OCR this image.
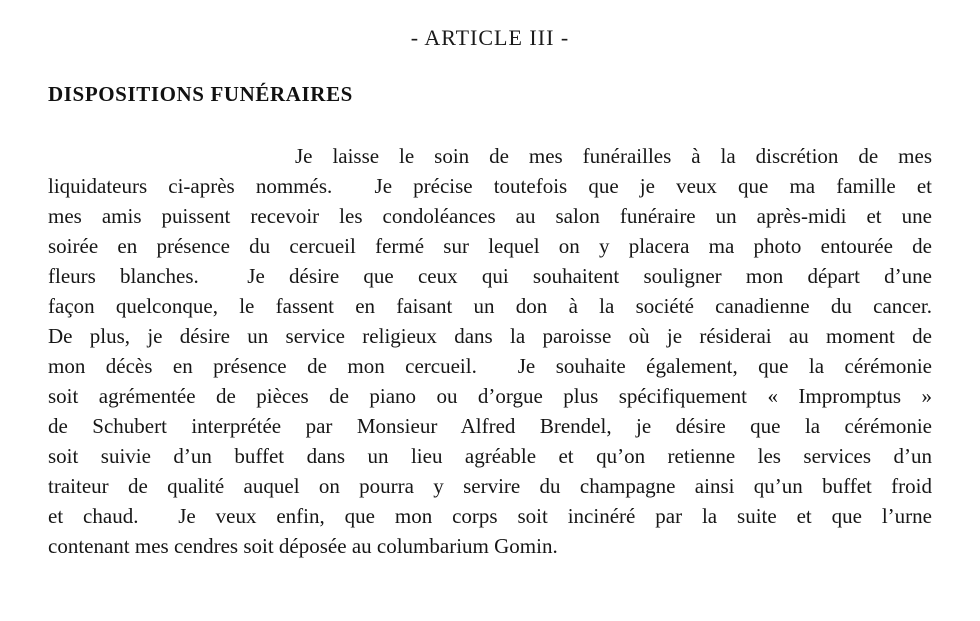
- ARTICLE III -
DISPOSITIONS FUNÉRAIRES
Je laisse le soin de mes funérailles à la discrétion de mes
liquidateurs ci-après nommés.  Je précise toutefois que je veux que ma famille et
mes amis puissent recevoir les condoléances au salon funéraire un après-midi et une
soirée en présence du cercueil fermé sur lequel on y placera ma photo entourée de
fleurs blanches.  Je désire que ceux qui souhaitent souligner mon départ d’une
façon quelconque, le fassent en faisant un don à la société canadienne du cancer.
De plus, je désire un service religieux dans la paroisse où je résiderai au moment de
mon décès en présence de mon cercueil.  Je souhaite également, que la cérémonie
soit agrémentée de pièces de piano ou d’orgue plus spécifiquement « Impromptus »
de Schubert interprétée par Monsieur Alfred Brendel, je désire que la cérémonie
soit suivie d’un buffet dans un lieu agréable et qu’on retienne les services d’un
traiteur de qualité auquel on pourra y servire du champagne ainsi qu’un buffet froid
et chaud.  Je veux enfin, que mon corps soit incinéré par la suite et que l’urne
contenant mes cendres soit déposée au columbarium Gomin.
